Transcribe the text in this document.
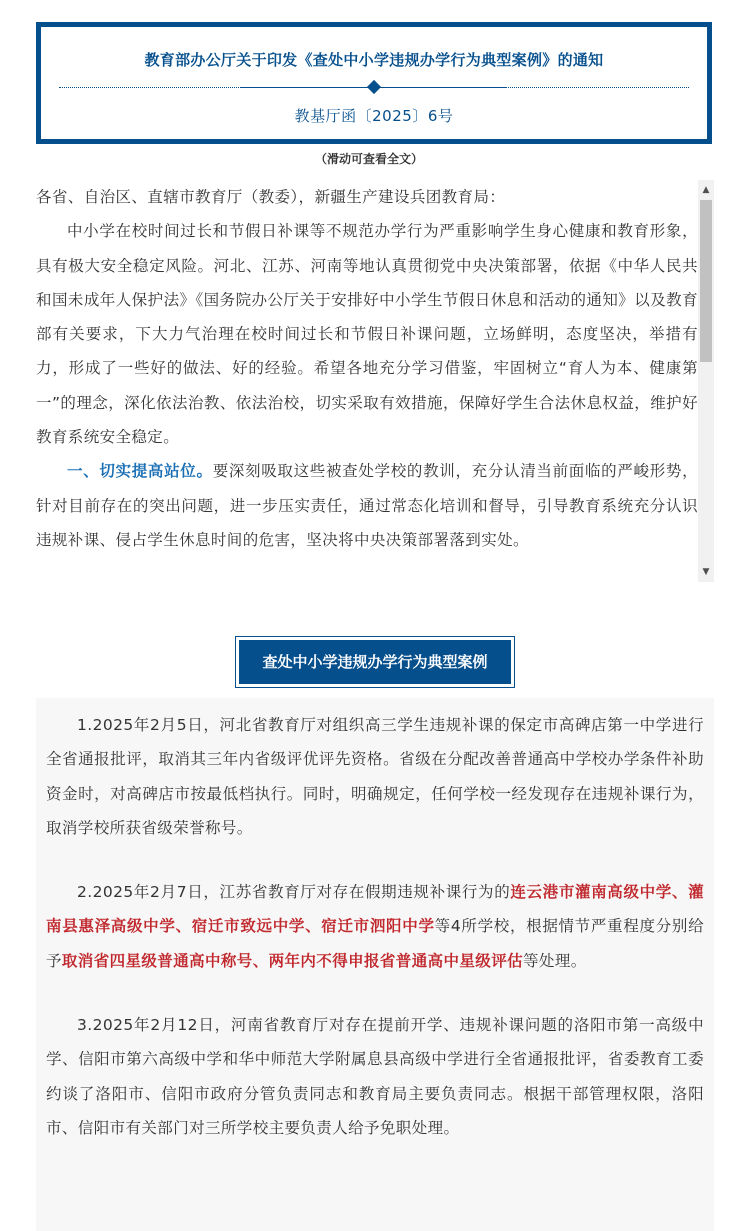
教育部办公厅关于印发《查处中小学违规办学行为典型案例》的通知
教基厅函〔2025〕6号
（滑动可查看全文）

各省、自治区、直辖市教育厅（教委），新疆生产建设兵团教育局：

中小学在校时间过长和节假日补课等不规范办学行为严重影响学生身心健康和教育形象，具有极大安全稳定风险。河北、江苏、河南等地认真贯彻党中央决策部署，依据《中华人民共和国未成年人保护法》《国务院办公厅关于安排好中小学生节假日休息和活动的通知》以及教育部有关要求，下大力气治理在校时间过长和节假日补课问题，立场鲜明，态度坚决，举措有力，形成了一些好的做法、好的经验。希望各地充分学习借鉴，牢固树立“育人为本、健康第一”的理念，深化依法治教、依法治校，切实采取有效措施，保障好学生合法休息权益，维护好教育系统安全稳定。

一、切实提高站位。要深刻吸取这些被查处学校的教训，充分认清当前面临的严峻形势，针对目前存在的突出问题，进一步压实责任，通过常态化培训和督导，引导教育系统充分认识违规补课、侵占学生休息时间的危害，坚决将中央决策部署落到实处。

▲
▼
查处中小学违规办学行为典型案例

1.2025年2月5日，河北省教育厅对组织高三学生违规补课的保定市高碑店第一中学进行全省通报批评，取消其三年内省级评优评先资格。省级在分配改善普通高中学校办学条件补助资金时，对高碑店市按最低档执行。同时，明确规定，任何学校一经发现存在违规补课行为，取消学校所获省级荣誉称号。

2.2025年2月7日，江苏省教育厅对存在假期违规补课行为的连云港市灌南高级中学、灌南县惠泽高级中学、宿迁市致远中学、宿迁市泗阳中学等4所学校，根据情节严重程度分别给予取消省四星级普通高中称号、两年内不得申报省普通高中星级评估等处理。

3.2025年2月12日，河南省教育厅对存在提前开学、违规补课问题的洛阳市第一高级中学、信阳市第六高级中学和华中师范大学附属息县高级中学进行全省通报批评，省委教育工委约谈了洛阳市、信阳市政府分管负责同志和教育局主要负责同志。根据干部管理权限，洛阳市、信阳市有关部门对三所学校主要负责人给予免职处理。
